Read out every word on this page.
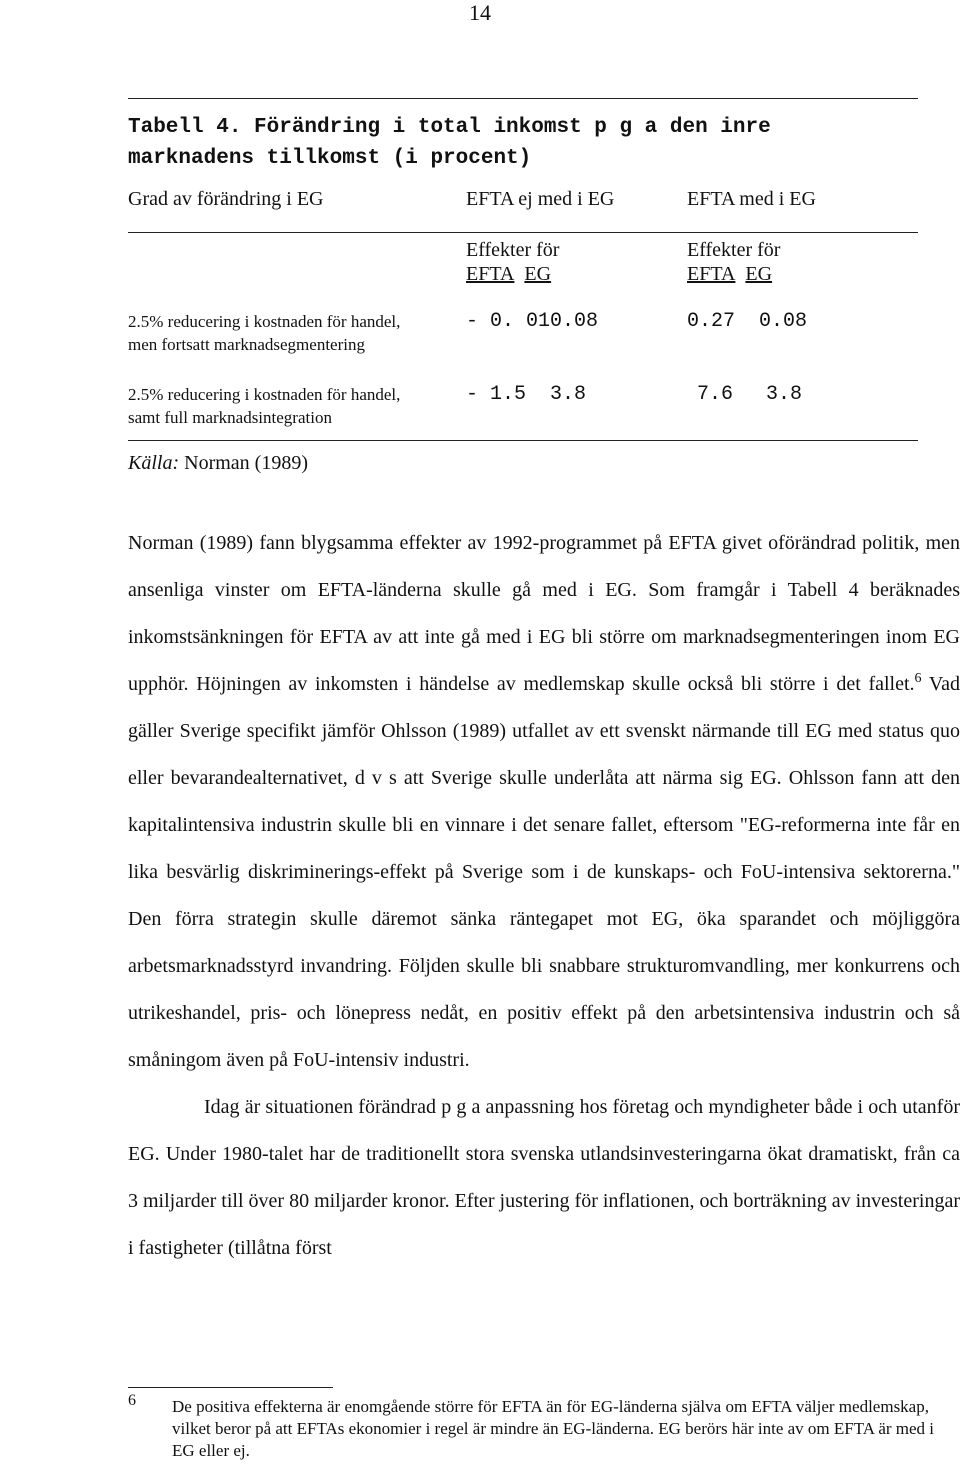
14
Tabell 4. Förändring i total inkomst p g a den inre marknadens tillkomst (i procent)
Grad av förändring i EG	EFTA ej med i EG	EFTA med i EG
Effekter för
EFTA EG
Effekter för
EFTA EG
2.5% reducering i kostnaden för handel,
men fortsatt marknadsegmentering
- 0. 01 0.08	0.27 0.08
2.5% reducering i kostnaden för handel,
samt full marknadsintegration
- 1.5 3.8	7.6 3.8
Källa: Norman (1989)

Norman (1989) fann blygsamma effekter av 1992-programmet på EFTA givet oförändrad politik, men ansenliga vinster om EFTA-länderna skulle gå med i EG. Som framgår i Tabell 4 beräknades inkomstsänkningen för EFTA av att inte gå med i EG bli större om marknadsegmenteringen inom EG upphör. Höjningen av inkomsten i händelse av medlemskap skulle också bli större i det fallet.$^6$ Vad gäller Sverige specifikt jämför Ohlsson (1989) utfallet av ett svenskt närmande till EG med status quo eller bevarandealternativet, d v s att Sverige skulle underlåta att närma sig EG. Ohlsson fann att den kapitalintensiva industrin skulle bli en vinnare i det senare fallet, eftersom "EG-reformerna inte får en lika besvärlig diskriminerings-effekt på Sverige som i de kunskaps- och FoU-intensiva sektorerna." Den förra strategin skulle däremot sänka räntegapet mot EG, öka sparandet och möjliggöra arbetsmarknadsstyrd invandring. Följden skulle bli snabbare strukturomvandling, mer konkurrens och utrikeshandel, pris- och lönepress nedåt, en positiv effekt på den arbetsintensiva industrin och så småningom även på FoU-intensiv industri.

Idag är situationen förändrad p g a anpassning hos företag och myndigheter både i och utanför EG. Under 1980-talet har de traditionellt stora svenska utlandsinvesteringarna ökat dramatiskt, från ca 3 miljarder till över 80 miljarder kronor. Efter justering för inflationen, och borträkning av investeringar i fastigheter (tillåtna först

6 De positiva effekterna är enomgående större för EFTA än för EG-länderna själva om EFTA väljer medlemskap, vilket beror på att EFTAs ekonomier i regel är mindre än EG-länderna. EG berörs här inte av om EFTA är med i EG eller ej.
